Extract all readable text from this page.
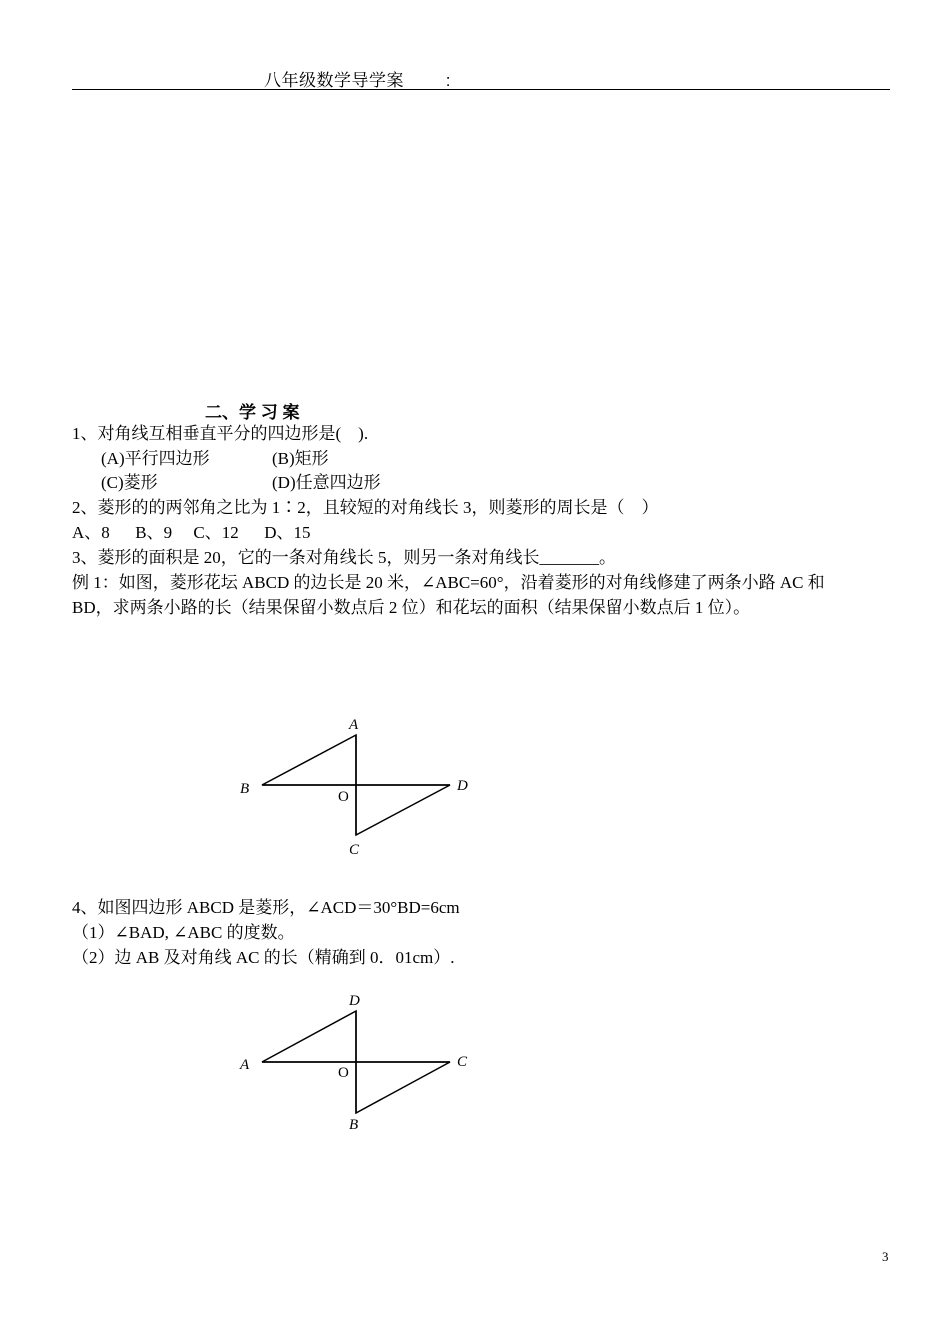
八年级数学导学案        :
二、学 习 案
1、对角线互相垂直平分的四边形是(    ).
(A)平行四边形	(B)矩形
(C)菱形	(D)任意四边形
2、菱形的的两邻角之比为 1∶2，且较短的对角线长 3，则菱形的周长是（    ）
A、8      B、9     C、12      D、15
3、菱形的面积是 20，它的一条对角线长 5，则另一条对角线长_______。
例 1：如图，菱形花坛 ABCD 的边长是 20 米，∠ABC=60°，沿着菱形的对角线修建了两条小路 AC 和
BD，求两条小路的长（结果保留小数点后 2 位）和花坛的面积（结果保留小数点后 1 位）。
A
B	D
C
O
4、如图四边形 ABCD 是菱形，∠ACD＝30°BD=6cm
（1）∠BAD, ∠ABC 的度数。
（2）边 AB 及对角线 AC 的长（精确到 0．01cm）.
D
A	C
B
O
3
